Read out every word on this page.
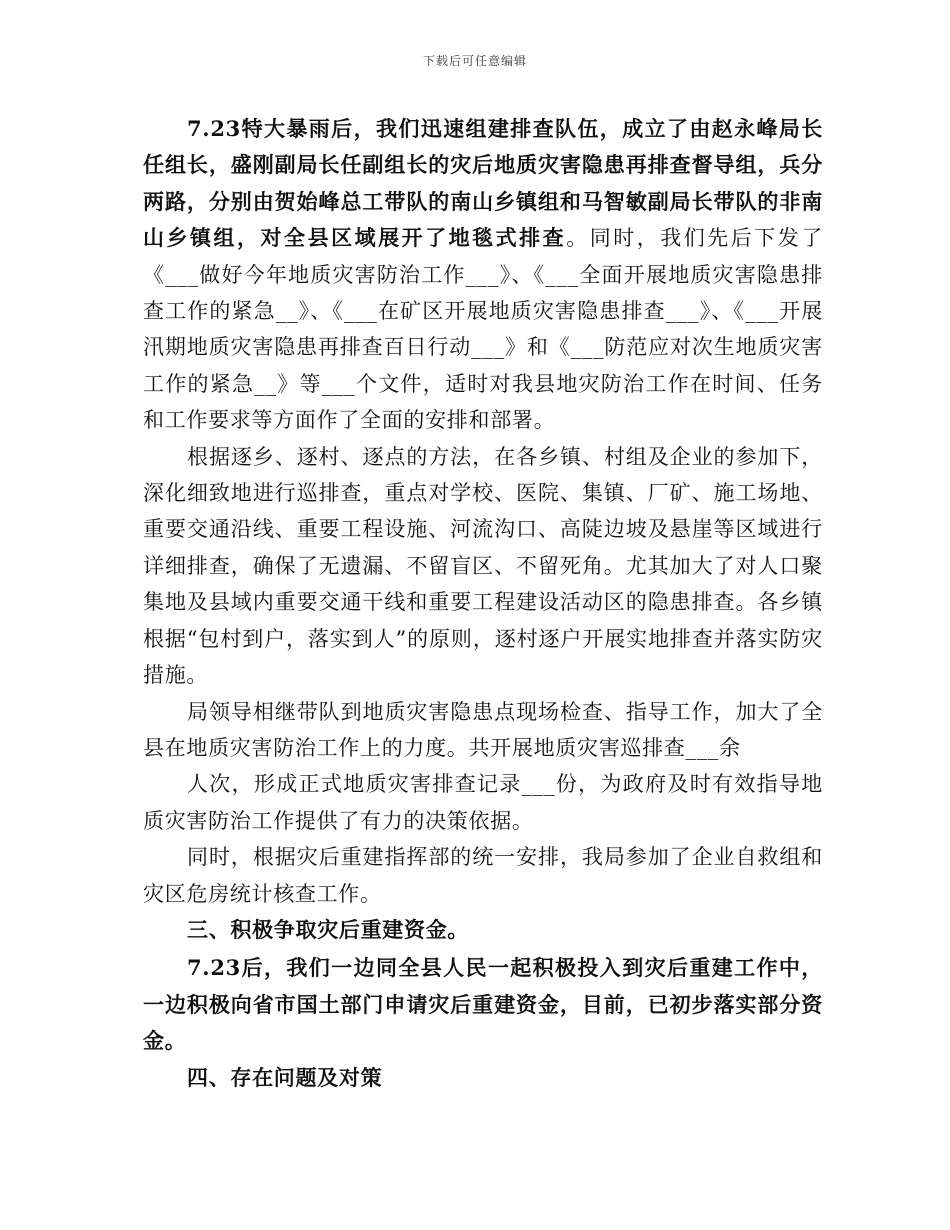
下载后可任意编辑

7.23特大暴雨后，我们迅速组建排查队伍，成立了由赵永峰局长任组长，盛刚副局长任副组长的灾后地质灾害隐患再排查督导组，兵分两路，分别由贺始峰总工带队的南山乡镇组和马智敏副局长带队的非南山乡镇组，对全县区域展开了地毯式排查。同时，我们先后下发了《___做好今年地质灾害防治工作___》、《___全面开展地质灾害隐患排查工作的紧急__》、《___在矿区开展地质灾害隐患排查___》、《___开展汛期地质灾害隐患再排查百日行动___》和《___防范应对次生地质灾害工作的紧急__》等___个文件，适时对我县地灾防治工作在时间、任务和工作要求等方面作了全面的安排和部署。

根据逐乡、逐村、逐点的方法，在各乡镇、村组及企业的参加下，深化细致地进行巡排查，重点对学校、医院、集镇、厂矿、施工场地、重要交通沿线、重要工程设施、河流沟口、高陡边坡及悬崖等区域进行详细排查，确保了无遗漏、不留盲区、不留死角。尤其加大了对人口聚集地及县域内重要交通干线和重要工程建设活动区的隐患排查。各乡镇根据“包村到户，落实到人”的原则，逐村逐户开展实地排查并落实防灾措施。

局领导相继带队到地质灾害隐患点现场检查、指导工作，加大了全县在地质灾害防治工作上的力度。共开展地质灾害巡排查___余

人次，形成正式地质灾害排查记录___份，为政府及时有效指导地质灾害防治工作提供了有力的决策依据。

同时，根据灾后重建指挥部的统一安排，我局参加了企业自救组和灾区危房统计核查工作。

三、积极争取灾后重建资金。

7.23后，我们一边同全县人民一起积极投入到灾后重建工作中，一边积极向省市国土部门申请灾后重建资金，目前，已初步落实部分资金。

四、存在问题及对策
